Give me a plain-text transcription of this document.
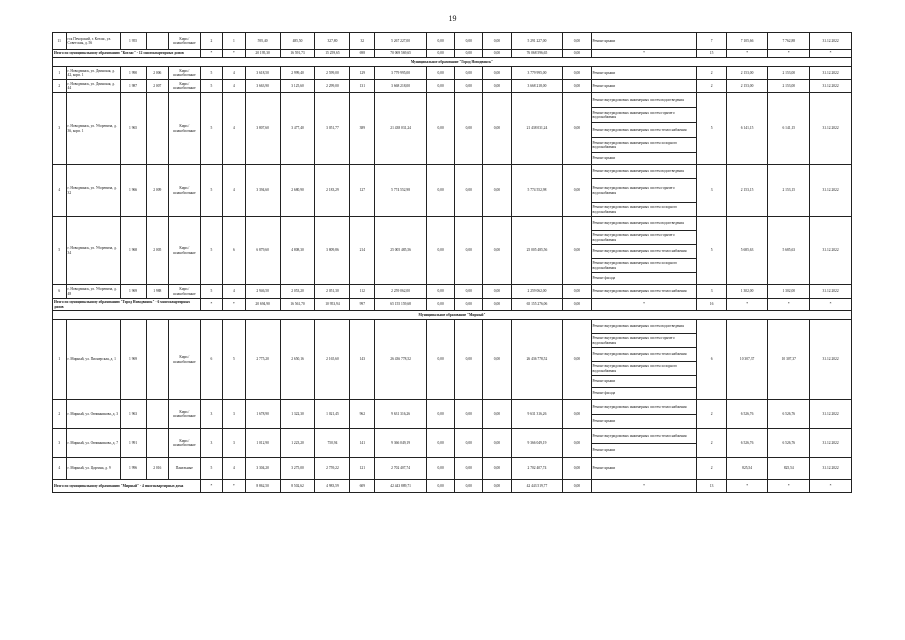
19
11	гск Печорский, г. Котлас, ул. Советская, д. 56	1 955		Кирп./ шлакоблочные	2	1	595,40	485,50	327,80	32	5 267 227,00	0,00	0,00	0,00	5 291 227,00	0,00	Ремонт крыши	7	7 105,66	7 762,88	31.12.2022
Итого по муниципальному образованию "Котлас" - 12 многоквартирных домов					*	*	20 195,30	16 591,73	15 259,65	698	70 069 569,65	0,00	0,00	0,00	76 068 596,65	0,00	*	15	*	*	*
Муниципальное образование "Город Новодвинск"																					
1	г. Новодвинск, ул. Двинская, д. 42, корп. 1	1 990	2 006	Кирп./ шлакоблочные	5	4	3 618,50	2 999,40	2 599,00	129	3 779 995,00	0,00	0,00	0,00	3 779 995,00	0,00	Ремонт крыши	2	2 153,00	2 153,00	31.12.2022
2	г. Новодвинск, ул. Двинская, д. 44	1 987	2 007	Кирп./ шлакоблочные	5	4	3 663,90	3 125,60	2 299,00	131	3 668 218,00	0,00	0,00	0,00	3 668 218,00	0,00	Ремонт крыши	2	2 153,00	2 153,00	31.12.2022
3	г. Новодвинск, ул. Уборевича, д. 36, корп. 1	1 965		Кирп./ шлакоблочные	5	4	3 807,60	3 477,40	3 051,77	389	21 438 031,24	0,00	0,00	0,00	21 438 031,24	0,00	Ремонт внутридомовых инженерных систем водоотведения	5	6 141,15	6 141,15	31.12.2022
																	Ремонт внутридомовых инженерных систем горячего водоснабжения				
																	Ремонт внутридомовых инженерных систем теплоснабжения				
																	Ремонт внутридомовых инженерных систем холодного водоснабжения				
																	Ремонт крыши				
4	г. Новодвинск, ул. Уборевича, д. 32	1 966	2 009	Кирп./ шлакоблочные	5	4	3 394,60	2 680,90	2 183,29	127	5 774 552,98	0,00	0,00	0,00	5 774 552,98	0,00	Ремонт внутридомовых инженерных систем водоотведения	3	2 153,15	2 153,15	31.12.2022
																	Ремонт внутридомовых инженерных систем горячего водоснабжения				
																	Ремонт внутридомовых инженерных систем холодного водоснабжения				
5	г. Новодвинск, ул. Уборевича, д. 34	1 968	2 005	Кирп./ шлакоблочные	5	6	6 879,60	4 808,30	3 809,86	214	25 005 485,56	0,00	0,00	0,00	25 005 485,56	0,00	Ремонт внутридомовых инженерных систем водоотведения	5	5 685,63	5 685,63	31.12.2022
																	Ремонт внутридомовых инженерных систем горячего водоснабжения				
																	Ремонт внутридомовых инженерных систем теплоснабжения				
																	Ремонт внутридомовых инженерных систем холодного водоснабжения				
																	Ремонт фасада				

6	г. Новодвинск, ул. Уборевича, д. 48	1 969	1 988	Кирп./ шлакоблочные	5	4	2 946,50	2 053,20	2 051,30	112	2 259 062,00	0,00	0,00	0,00	2 259 062,00	0,00	Ремонт внутридомовых инженерных систем теплоснабжения	3	1 302,00	1 302,00	31.12.2022
Итого по муниципальному образованию "Город Новодвинск" - 6 многоквартирных домов					*	*	20 694,90	16 561,70	10 953,94	997	65 155 159,68	0,00	0,00	0,00	65 155 276,06	0,00	*	16	*	*	*
Муниципальное образование "Мирный"																					
1	г. Мирный, ул. Пионерская, д. 1	1 969		Кирп./ шлакоблочные	6	5	2 775,20	2 650,16	2 165,60	143	26 436 778,52	0,00	0,00	0,00	26 436 778,52	0,00	Ремонт внутридомовых инженерных систем водоотведения	6	10 307,37	10 307,37	31.12.2022
																	Ремонт внутридомовых инженерных систем горячего водоснабжения				
																	Ремонт внутридомовых инженерных систем теплоснабжения				
																	Ремонт внутридомовых инженерных систем холодного водоснабжения				
																	Ремонт крыши				
																	Ремонт фасада				

2	г. Мирный, ул. Овчинникова, д. 3	1 963		Кирп./ шлакоблочные	3	3	1 678,90	1 322,30	1 021,45	962	9 631 316,26	0,00	0,00	0,00	9 631 316,26	0,00	Ремонт внутридомовых инженерных систем теплоснабжения	2	6 526,76	6 526,76	31.12.2022
																	Ремонт крыши				
3	г. Мирный, ул. Овчинникова, д. 7	1 991		Кирп./ шлакоблочные	3	3	1 012,90	1 223,20	750,94	141	9 366 049,19	0,00	0,00	0,00	9 366 049,19	0,00	Ремонт внутридомовых инженерных систем теплоснабжения	2	6 526,76	6 526,76	31.12.2022
																	Ремонт крыши				
4	г. Мирный, ул. Царгина, д. 9	1 996	2 016	Панельные	5	4	3 304,20	3 275,00	2 759,22	121	2 702 407,74	0,00	0,00	0,00	2 702 407,74	0,00	Ремонт крыши	2	825,54	825,54	31.12.2022
Итого по муниципальному образованию "Мирный" - 4 многоквартирных дома					*	*	8 862,50	8 502,62	4 983,59	609	42 443 889,71	0,00	0,00	0,00	42 443 519,77	0,00	*	13	*	*	*
